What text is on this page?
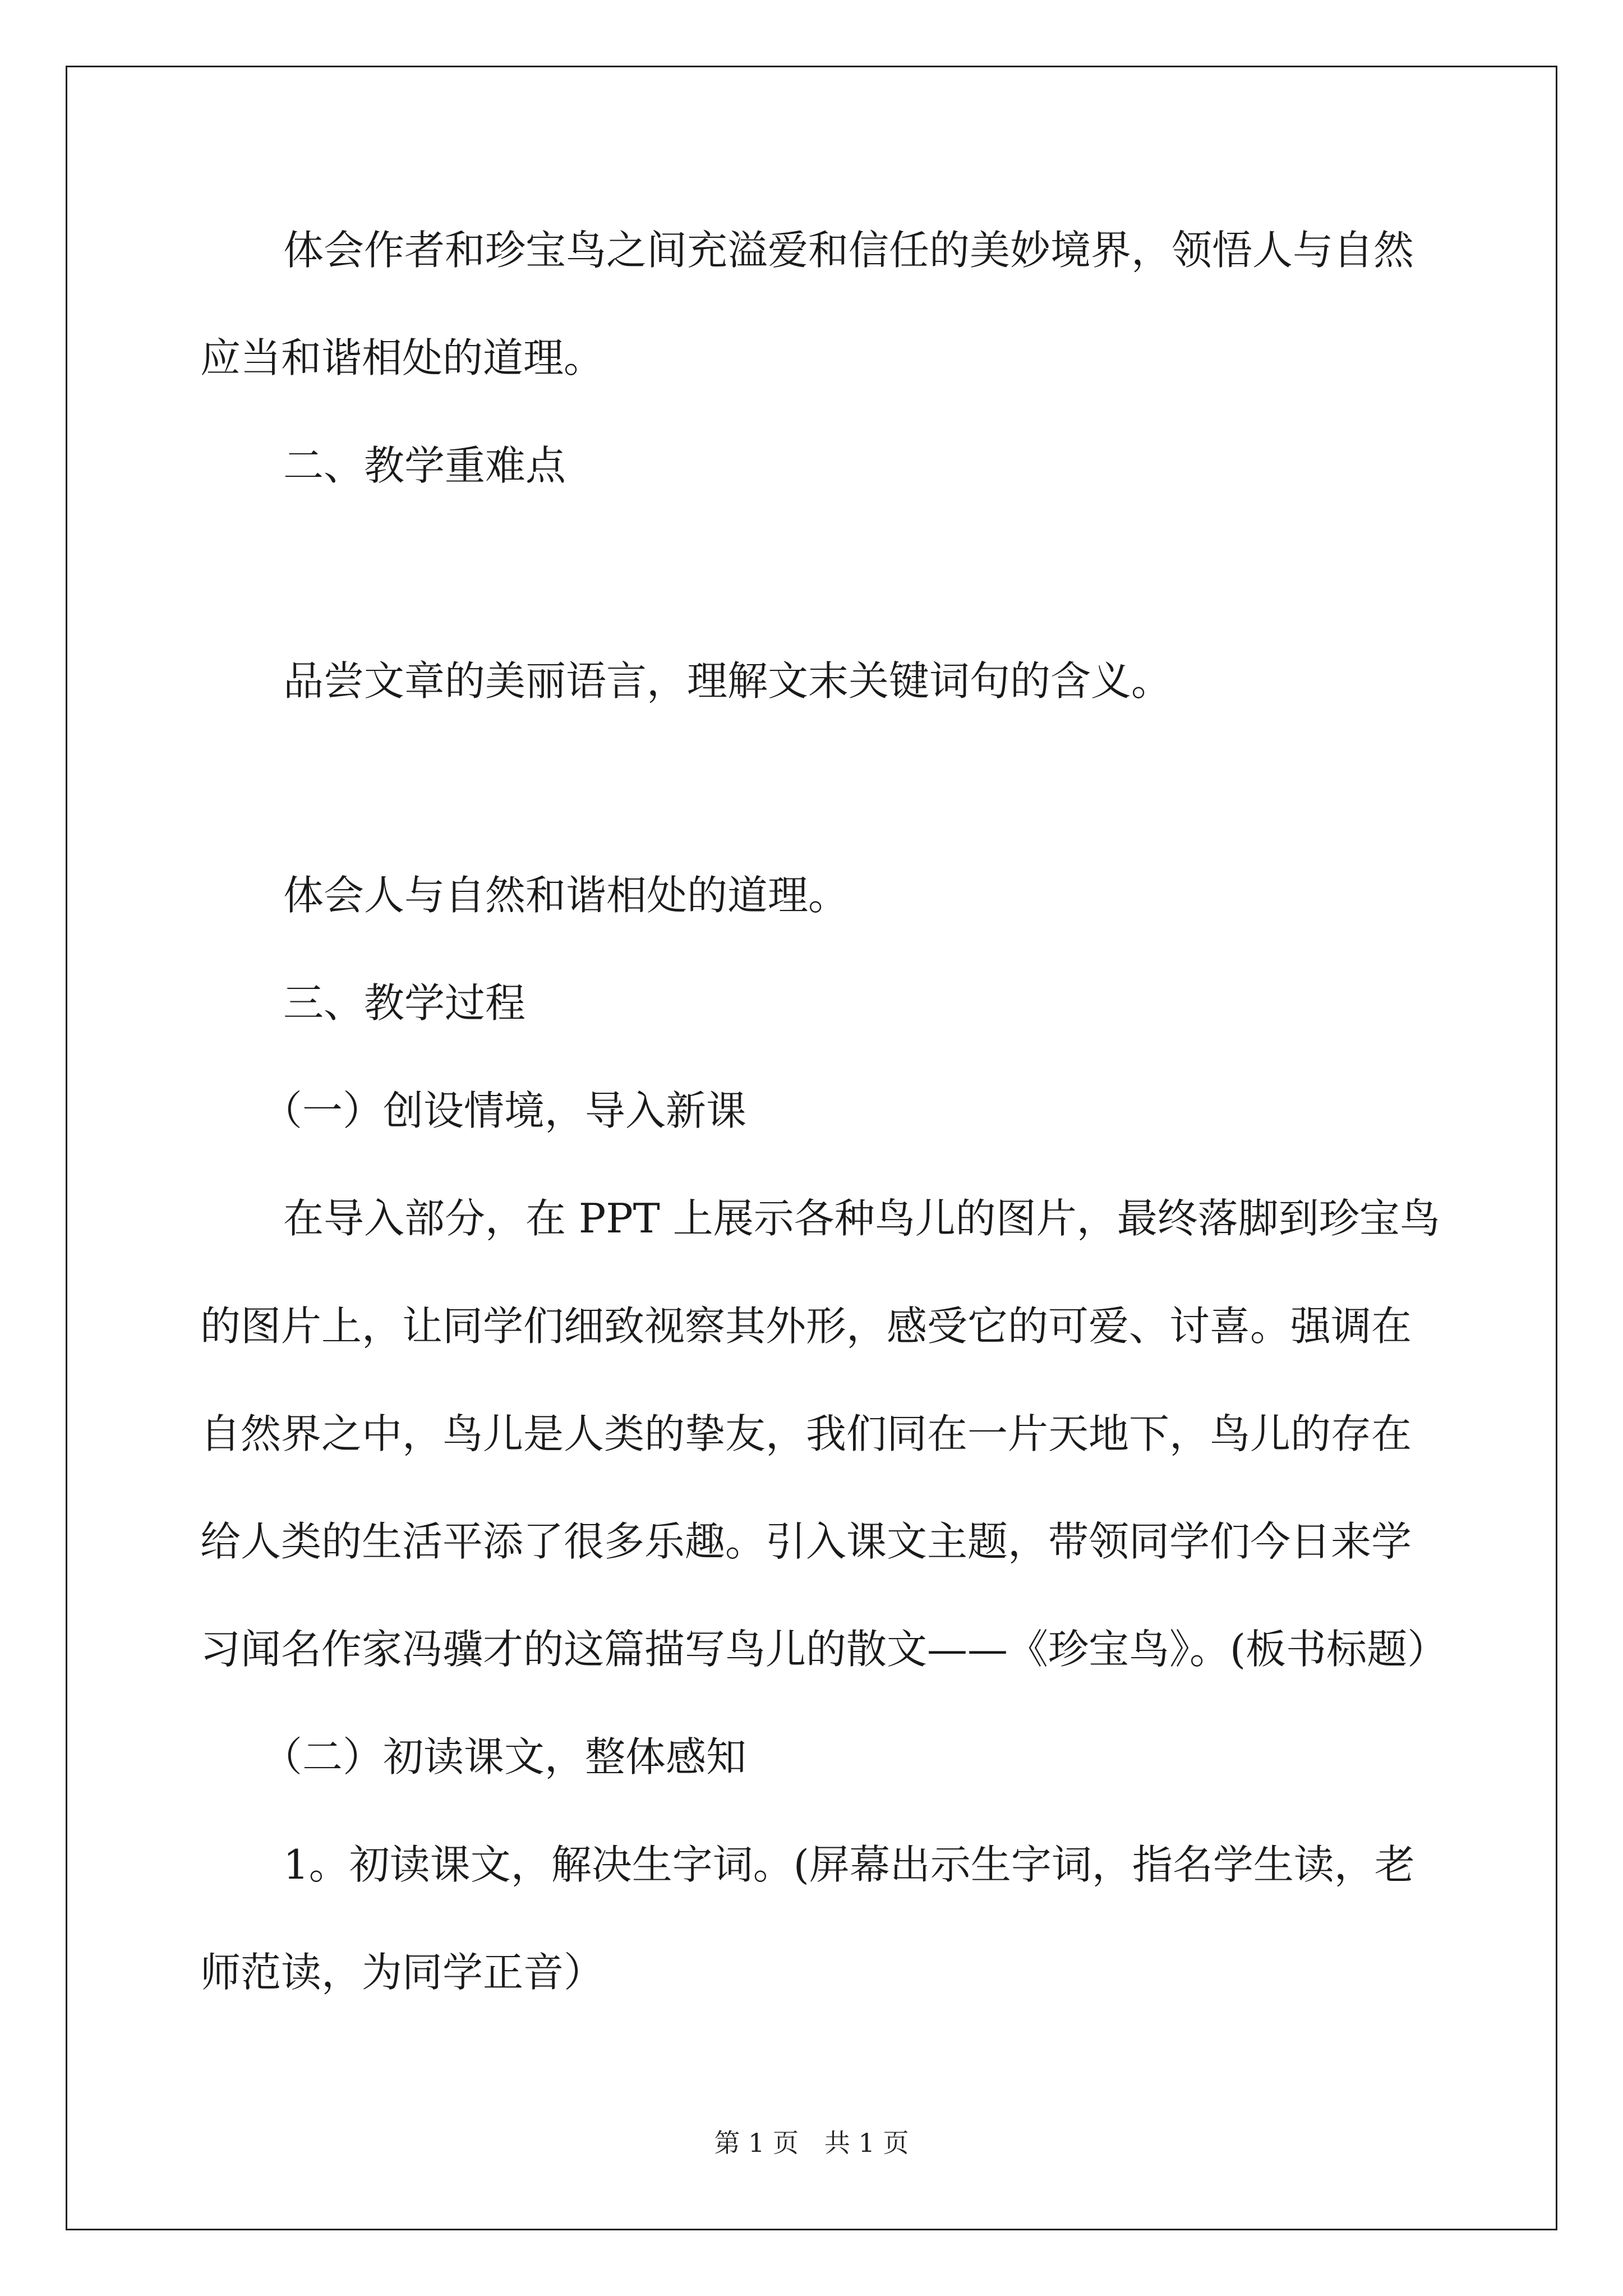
体会作者和珍宝鸟之间充溢爱和信任的美妙境界，领悟人与自然
应当和谐相处的道理。
二、教学重难点
品尝文章的美丽语言，理解文末关键词句的含义。
体会人与自然和谐相处的道理。
三、教学过程
（一）创设情境，导入新课
在导入部分，在 PPT 上展示各种鸟儿的图片，最终落脚到珍宝鸟
的图片上，让同学们细致视察其外形，感受它的可爱、讨喜。强调在
自然界之中，鸟儿是人类的挚友，我们同在一片天地下，鸟儿的存在
给人类的生活平添了很多乐趣。引入课文主题，带领同学们今日来学
习闻名作家冯骥才的这篇描写鸟儿的散文——《珍宝鸟》。(板书标题）
（二）初读课文，整体感知
1。初读课文，解决生字词。(屏幕出示生字词，指名学生读，老
师范读，为同学正音）
第 1 页　共 1 页
